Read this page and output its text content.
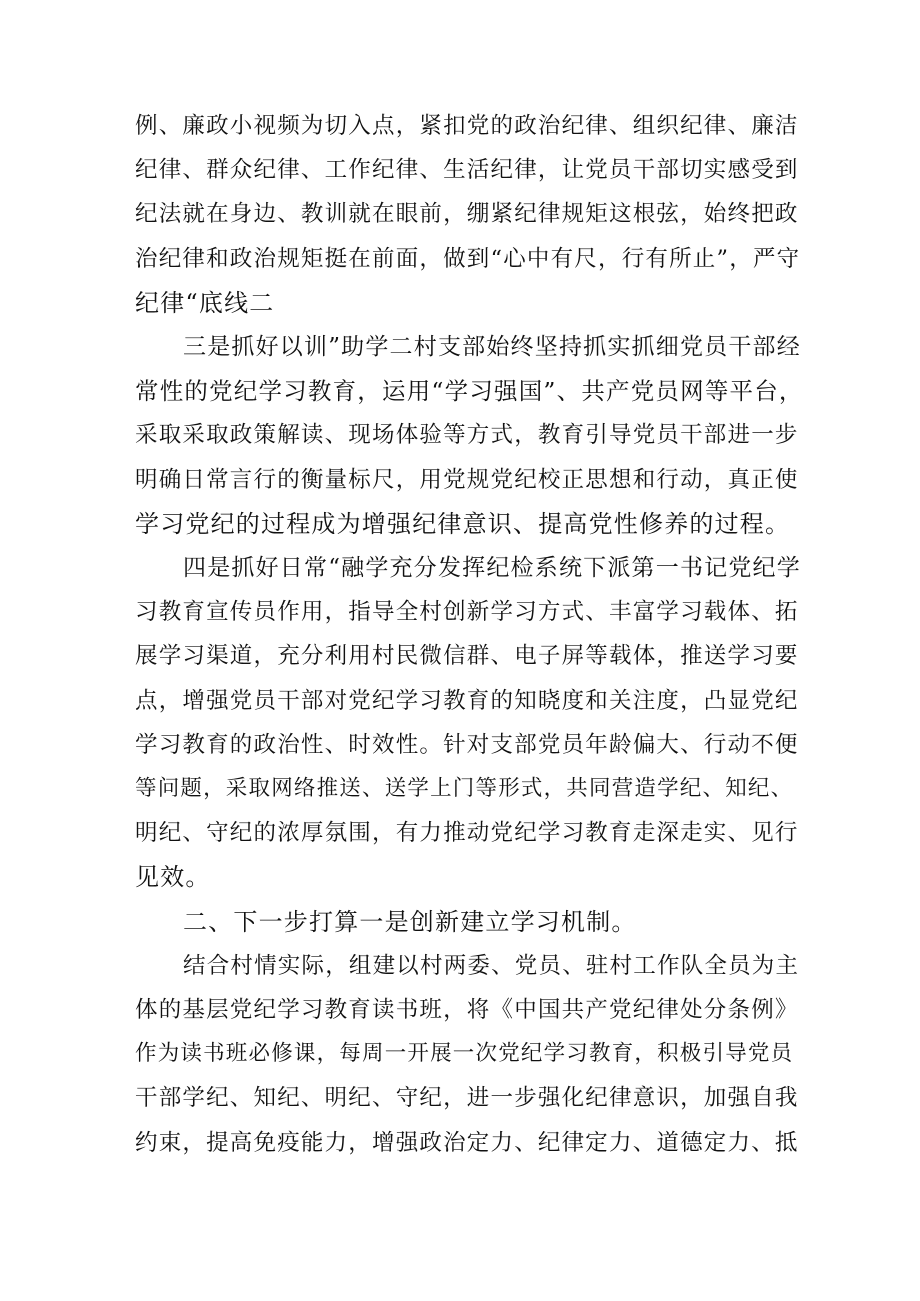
例、廉政小视频为切入点，紧扣党的政治纪律、组织纪律、廉洁
纪律、群众纪律、工作纪律、生活纪律，让党员干部切实感受到
纪法就在身边、教训就在眼前，绷紧纪律规矩这根弦，始终把政
治纪律和政治规矩挺在前面，做到“心中有尺，行有所止”，严守
纪律“底线二
三是抓好以训”助学二村支部始终坚持抓实抓细党员干部经
常性的党纪学习教育，运用“学习强国”、共产党员网等平台，
采取采取政策解读、现场体验等方式，教育引导党员干部进一步
明确日常言行的衡量标尺，用党规党纪校正思想和行动，真正使
学习党纪的过程成为增强纪律意识、提高党性修养的过程。
四是抓好日常“融学充分发挥纪检系统下派第一书记党纪学
习教育宣传员作用，指导全村创新学习方式、丰富学习载体、拓
展学习渠道，充分利用村民微信群、电子屏等载体，推送学习要
点，增强党员干部对党纪学习教育的知晓度和关注度，凸显党纪
学习教育的政治性、时效性。针对支部党员年龄偏大、行动不便
等问题，采取网络推送、送学上门等形式，共同营造学纪、知纪、
明纪、守纪的浓厚氛围，有力推动党纪学习教育走深走实、见行
见效。
二、下一步打算一是创新建立学习机制。
结合村情实际，组建以村两委、党员、驻村工作队全员为主
体的基层党纪学习教育读书班，将《中国共产党纪律处分条例》
作为读书班必修课，每周一开展一次党纪学习教育，积极引导党员
干部学纪、知纪、明纪、守纪，进一步强化纪律意识，加强自我
约束，提高免疫能力，增强政治定力、纪律定力、道德定力、抵
